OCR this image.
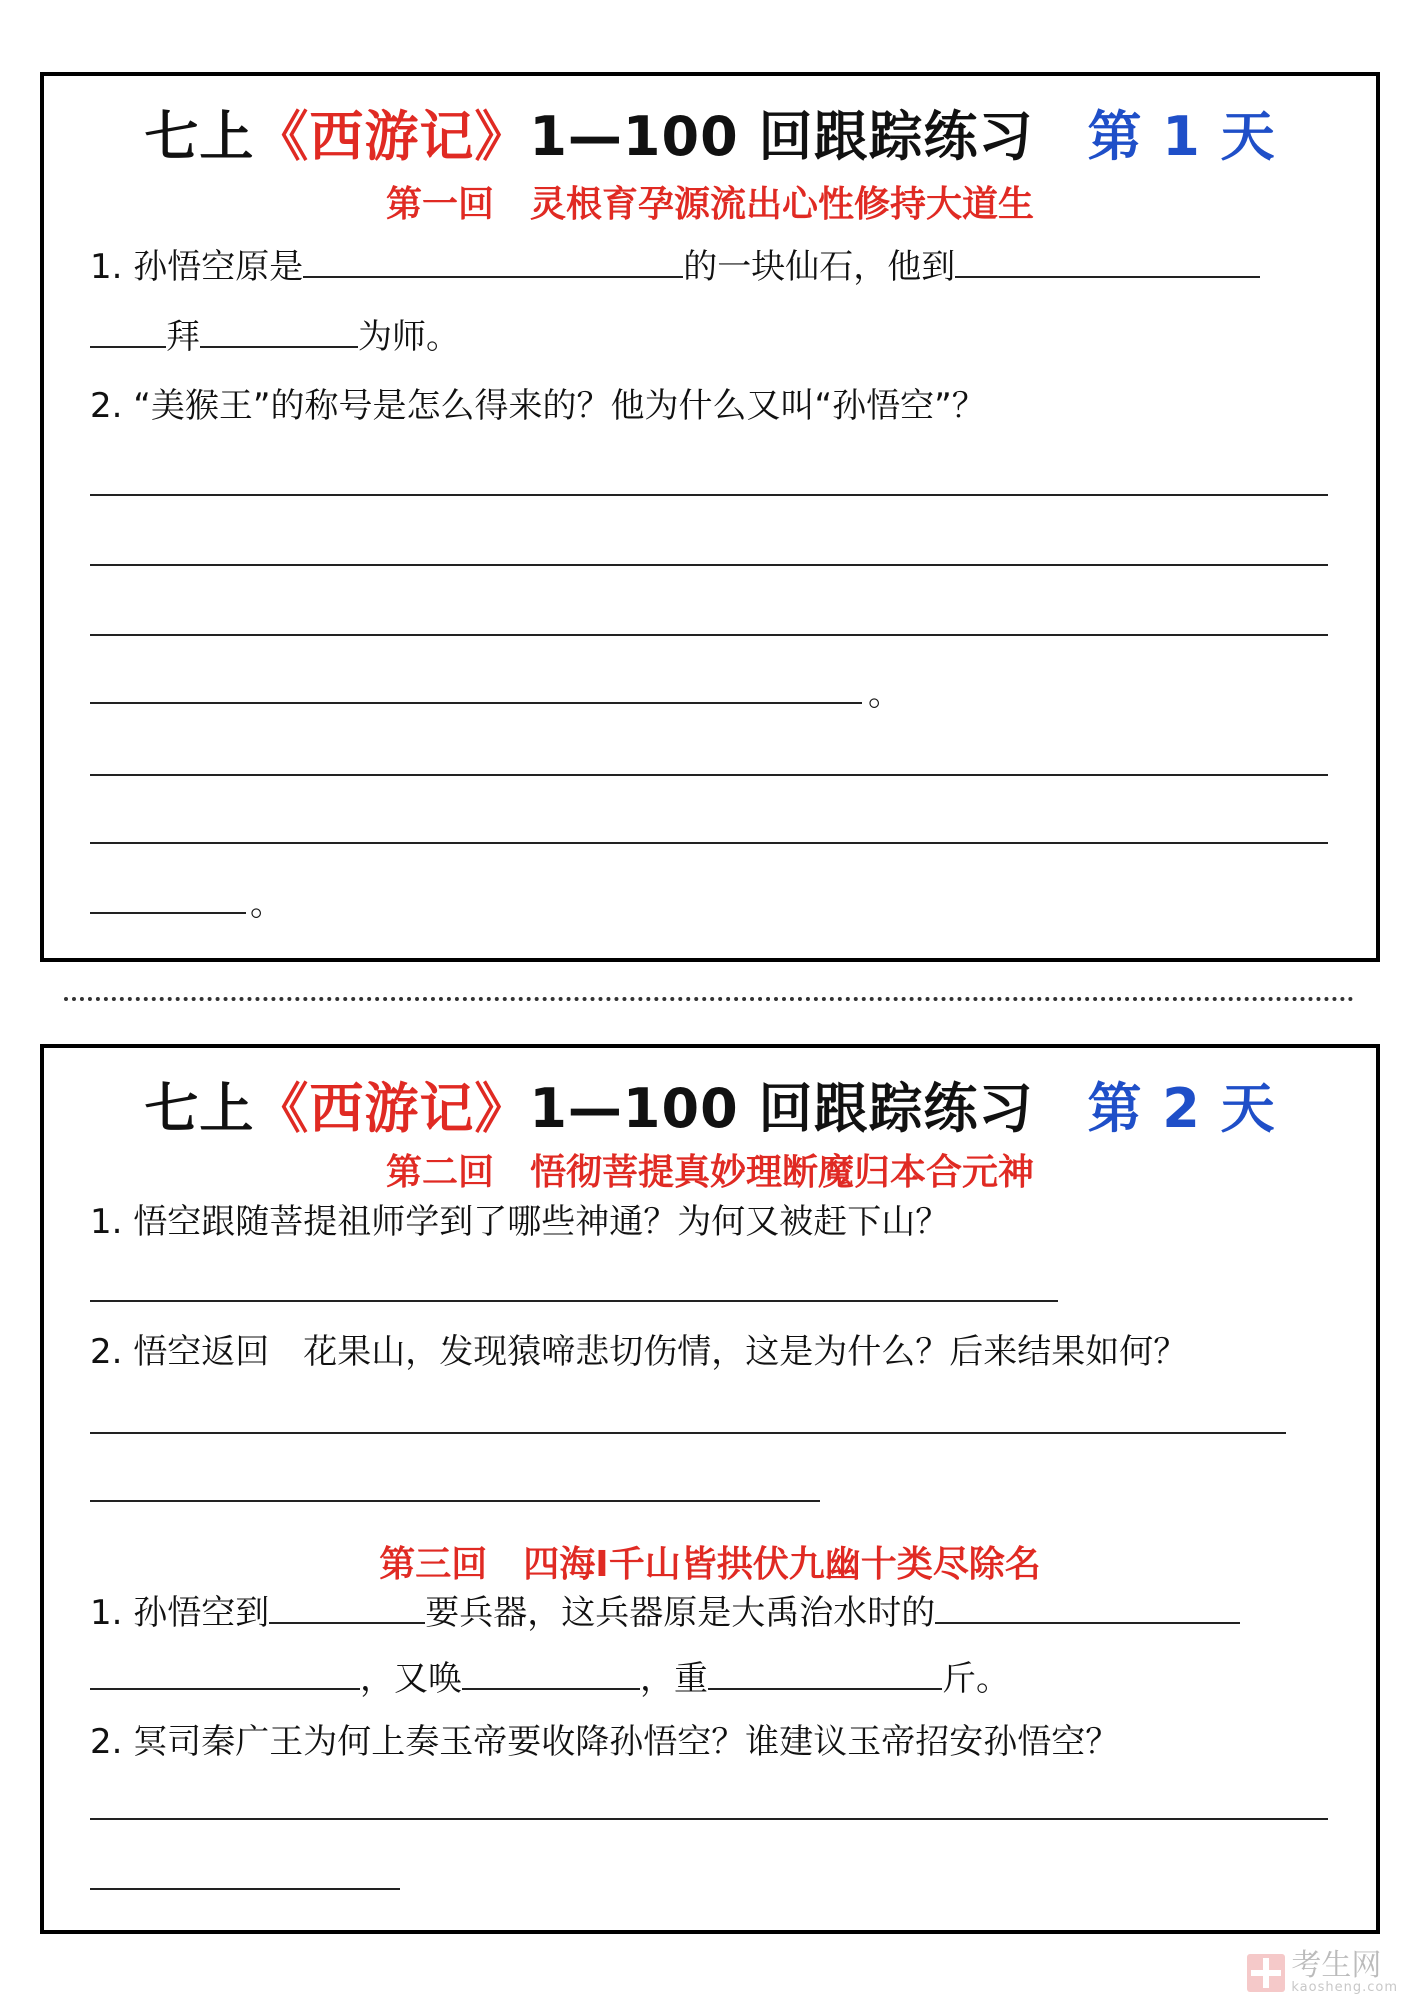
七上《西游记》1—100 回跟踪练习 第 1 天
第一回 灵根育孕源流出心性修持大道生
1. 孙悟空原是	的一块仙石，他到
拜	为师。
2. “美猴王”的称号是怎么得来的？他为什么又叫“孙悟空”？
。
。
七上《西游记》1—100 回跟踪练习 第 2 天
第二回 悟彻菩提真妙理断魔归本合元神
1. 悟空跟随菩提祖师学到了哪些神通？为何又被赶下山？
2. 悟空返回　花果山，发现猿啼悲切伤情，这是为什么？后来结果如何？
第三回 四海Ⅰ千山皆拱伏九幽十类尽除名
1. 孙悟空到	要兵器，这兵器原是大禹治水时的
，又唤	，重	斤。
2. 冥司秦广王为何上奏玉帝要收降孙悟空？谁建议玉帝招安孙悟空？
考生网
kaosheng.com
